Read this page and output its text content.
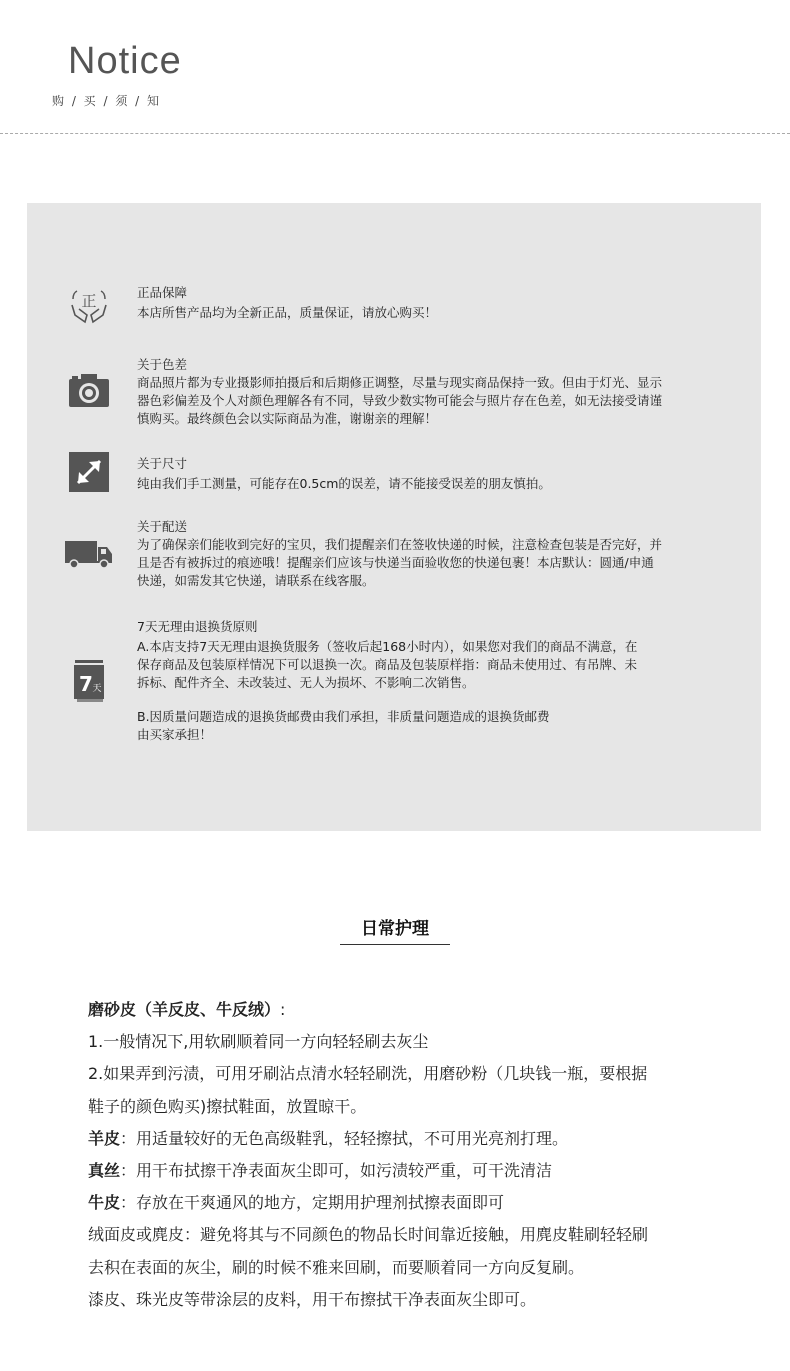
Notice
购 / 买 / 须 / 知
正	正品保障

本店所售产品均为全新正品，质量保证，请放心购买！

关于色差

商品照片都为专业摄影师拍摄后和后期修正调整，尽量与现实商品保持一致。但由于灯光、显示

器色彩偏差及个人对颜色理解各有不同，导致少数实物可能会与照片存在色差，如无法接受请谨

慎购买。最终颜色会以实际商品为准，谢谢亲的理解！

关于尺寸

纯由我们手工测量，可能存在0.5cm的误差，请不能接受误差的朋友慎拍。

关于配送

为了确保亲们能收到完好的宝贝，我们提醒亲们在签收快递的时候，注意检查包装是否完好，并

且是否有被拆过的痕迹哦！提醒亲们应该与快递当面验收您的快递包裹！本店默认：圆通/申通

快递，如需发其它快递，请联系在线客服。

7 天
7天无理由退换货原则

A.本店支持7天无理由退换货服务（签收后起168小时内），如果您对我们的商品不满意，在

保存商品及包装原样情况下可以退换一次。商品及包装原样指：商品未使用过、有吊牌、未

拆标、配件齐全、未改装过、无人为损坏、不影响二次销售。

B.因质量问题造成的退换货邮费由我们承担，非质量问题造成的退换货邮费

由买家承担！

日常护理
磨砂皮（羊反皮、牛反绒）:
1.一般情况下,用软刷顺着同一方向轻轻刷去灰尘
2.如果弄到污渍，可用牙刷沾点清水轻轻刷洗，用磨砂粉（几块钱一瓶，要根据
鞋子的颜色购买)擦拭鞋面，放置晾干。
羊皮：用适量较好的无色高级鞋乳，轻轻擦拭，不可用光亮剂打理。
真丝：用干布拭擦干净表面灰尘即可，如污渍较严重，可干洗清洁
牛皮：存放在干爽通风的地方，定期用护理剂拭擦表面即可
绒面皮或麂皮：避免将其与不同颜色的物品长时间靠近接触，用麂皮鞋刷轻轻刷
去积在表面的灰尘，刷的时候不雅来回刷，而要顺着同一方向反复刷。
漆皮、珠光皮等带涂层的皮料，用干布擦拭干净表面灰尘即可。
